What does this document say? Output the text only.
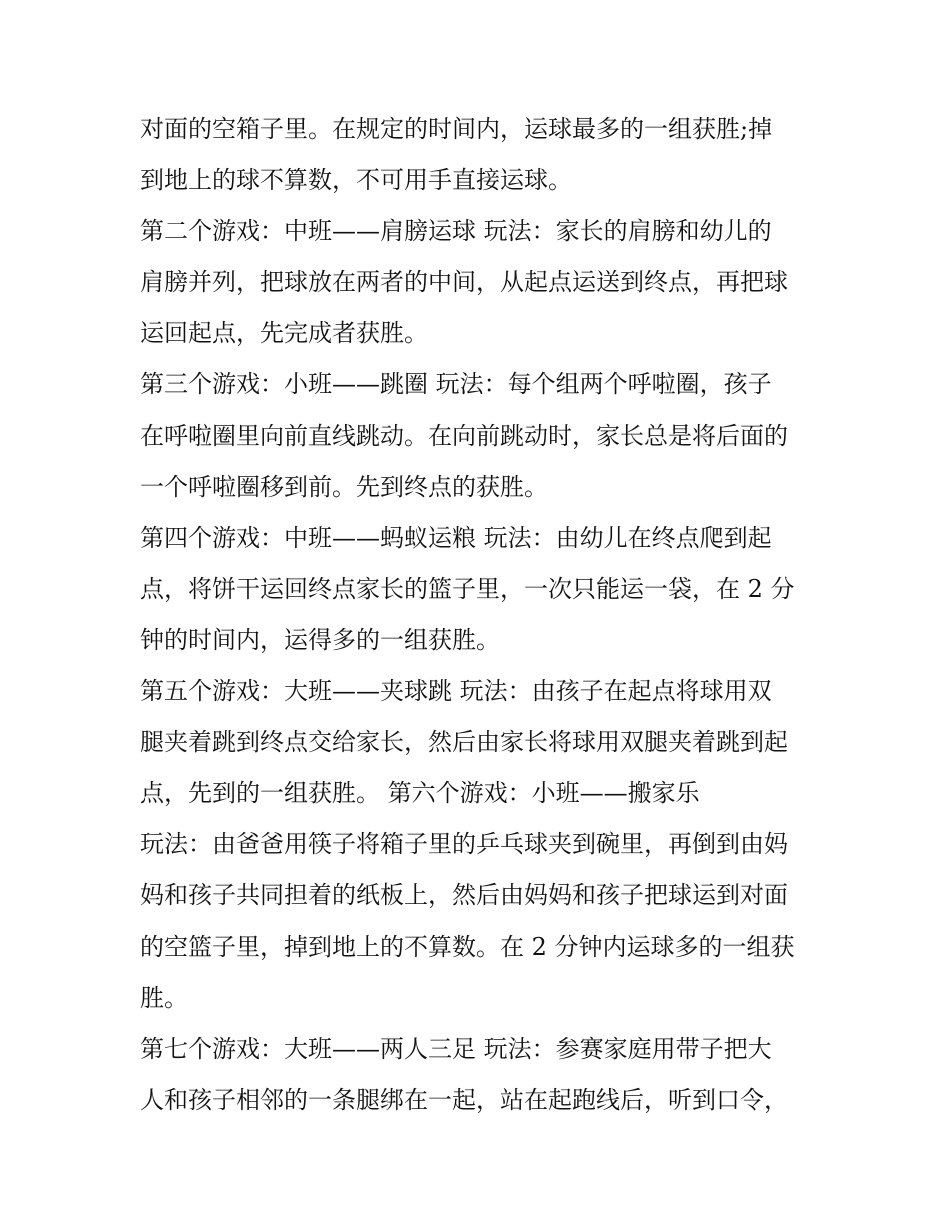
对面的空箱子里。在规定的时间内，运球最多的一组获胜;掉
到地上的球不算数，不可用手直接运球。
第二个游戏：中班——肩膀运球 玩法：家长的肩膀和幼儿的
肩膀并列，把球放在两者的中间，从起点运送到终点，再把球
运回起点，先完成者获胜。
第三个游戏：小班——跳圈 玩法：每个组两个呼啦圈，孩子
在呼啦圈里向前直线跳动。在向前跳动时，家长总是将后面的
一个呼啦圈移到前。先到终点的获胜。
第四个游戏：中班——蚂蚁运粮 玩法：由幼儿在终点爬到起
点，将饼干运回终点家长的篮子里，一次只能运一袋，在 2 分
钟的时间内，运得多的一组获胜。
第五个游戏：大班——夹球跳 玩法：由孩子在起点将球用双
腿夹着跳到终点交给家长，然后由家长将球用双腿夹着跳到起
点，先到的一组获胜。 第六个游戏：小班——搬家乐
玩法：由爸爸用筷子将箱子里的乒乓球夹到碗里，再倒到由妈
妈和孩子共同担着的纸板上，然后由妈妈和孩子把球运到对面
的空篮子里，掉到地上的不算数。在 2 分钟内运球多的一组获
胜。
第七个游戏：大班——两人三足 玩法：参赛家庭用带子把大
人和孩子相邻的一条腿绑在一起，站在起跑线后，听到口令，
